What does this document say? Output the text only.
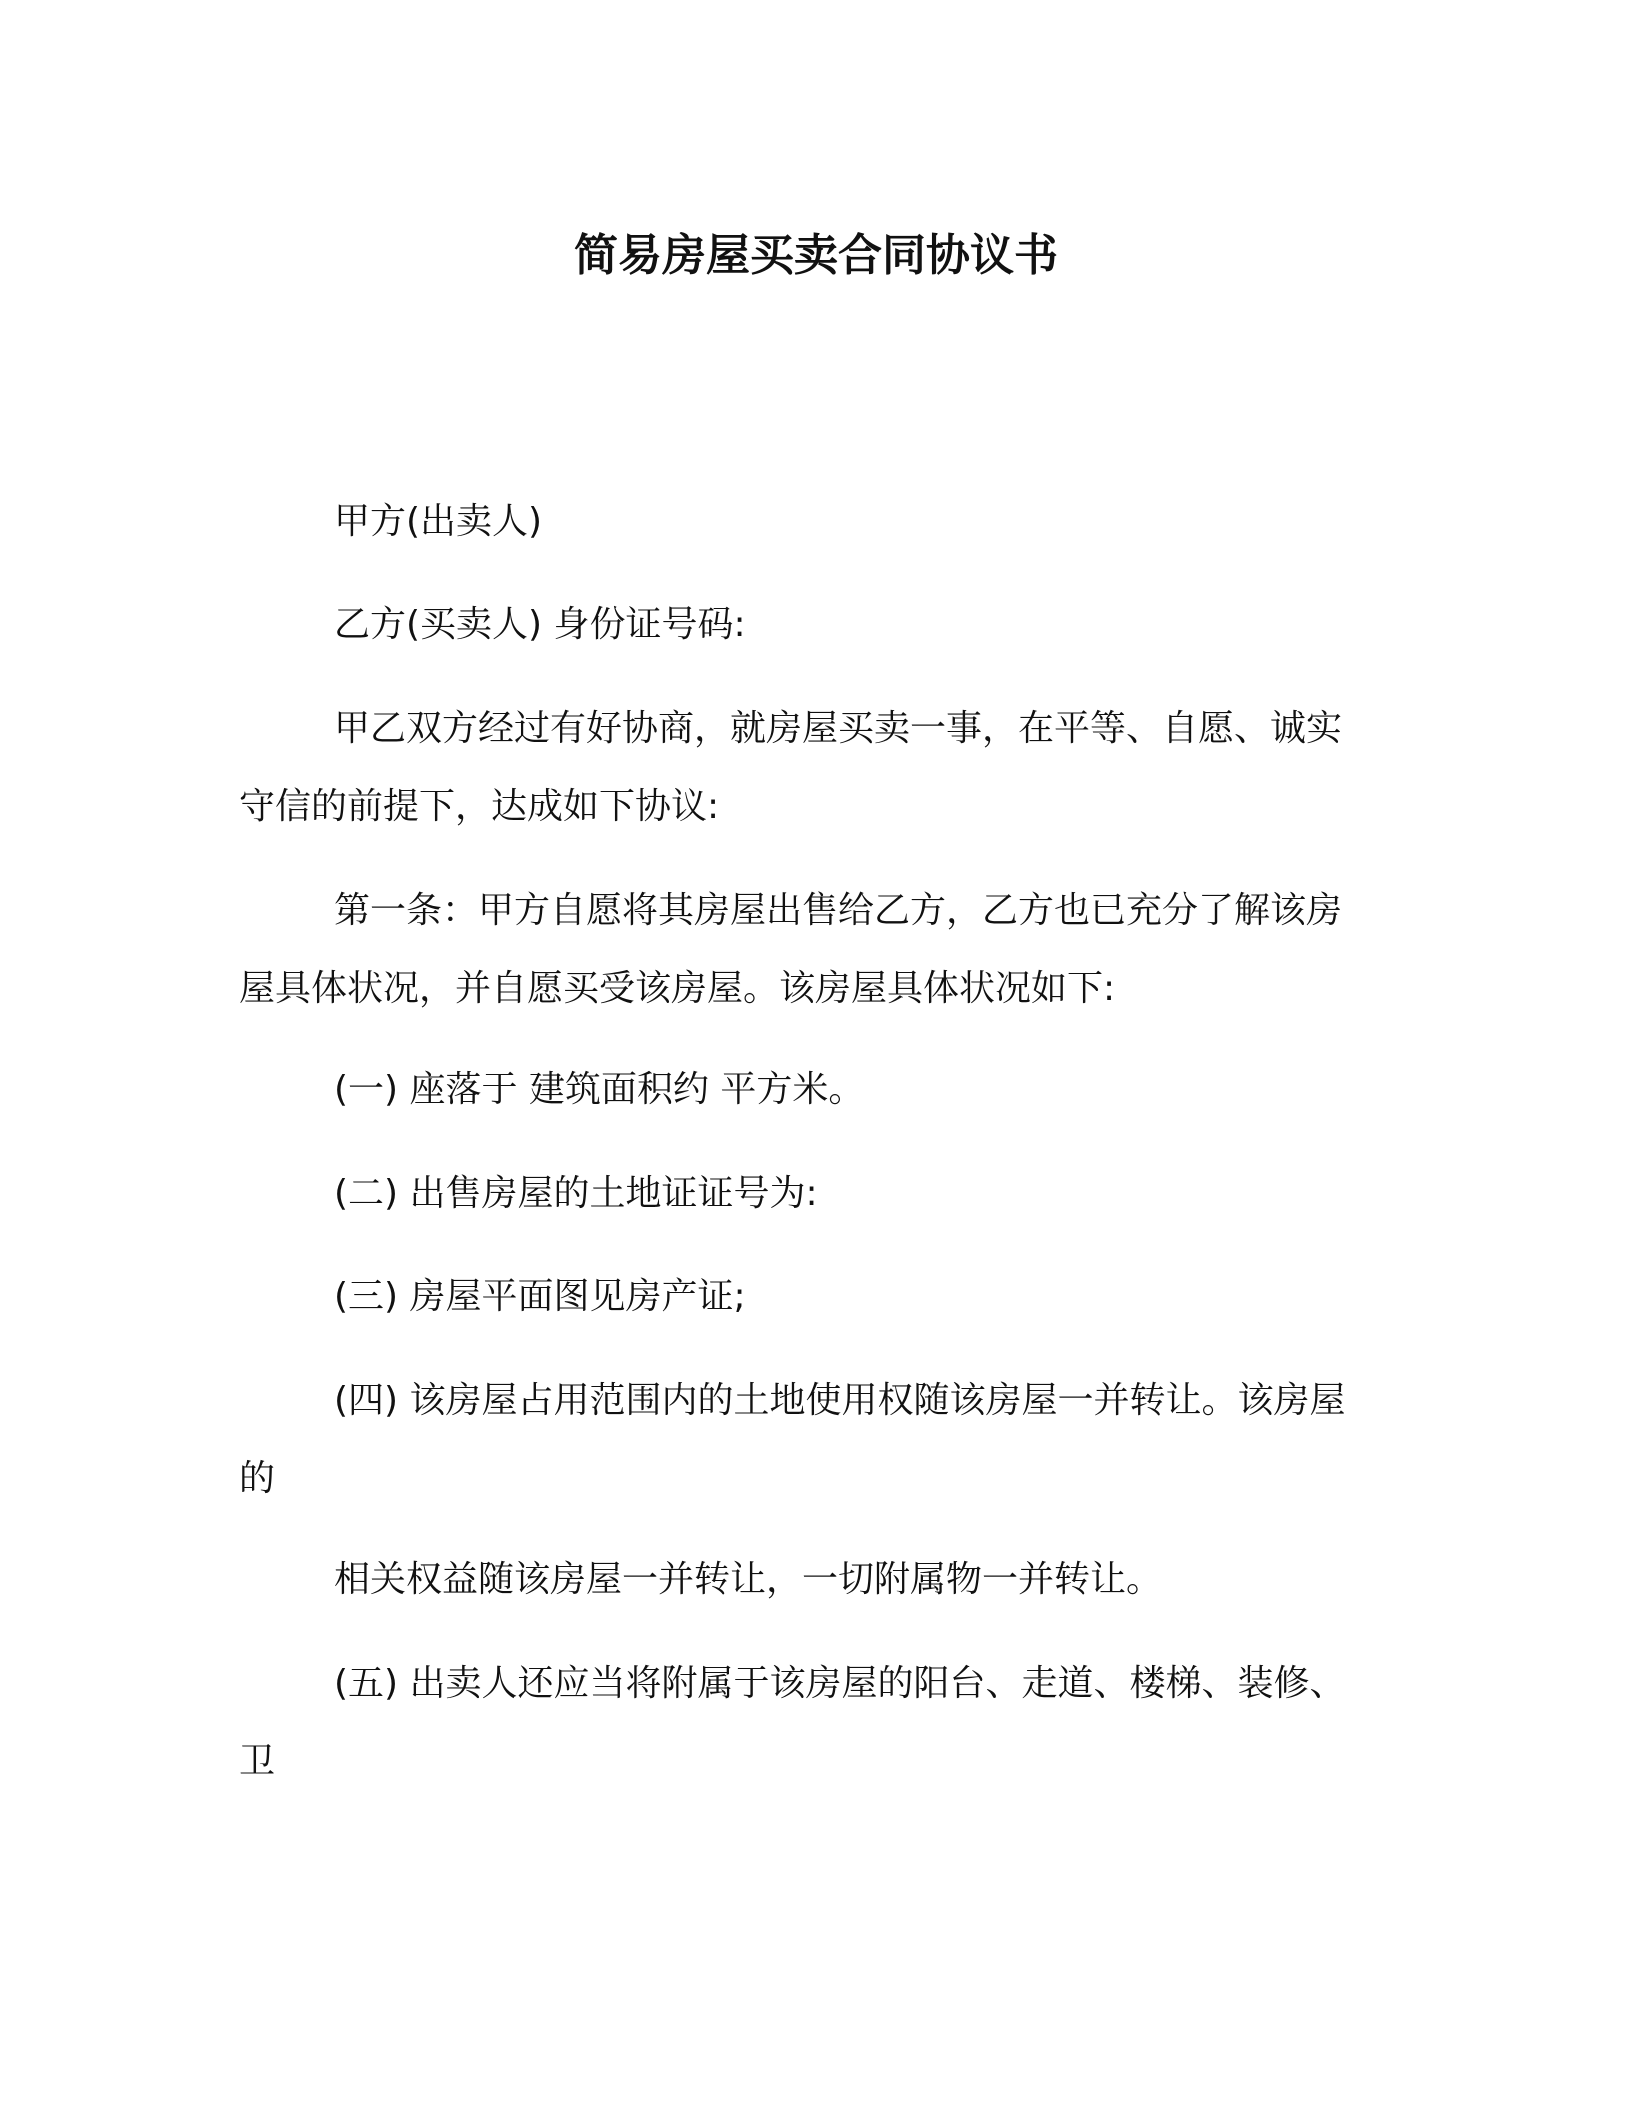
简易房屋买卖合同协议书

甲方(出卖人)

乙方(买卖人) 身份证号码:

甲乙双方经过有好协商，就房屋买卖一事，在平等、自愿、诚实
守信的前提下，达成如下协议:

第一条：甲方自愿将其房屋出售给乙方，乙方也已充分了解该房
屋具体状况，并自愿买受该房屋。该房屋具体状况如下:

(一) 座落于 建筑面积约 平方米。

(二) 出售房屋的土地证证号为:

(三) 房屋平面图见房产证;

(四) 该房屋占用范围内的土地使用权随该房屋一并转让。该房屋
的

相关权益随该房屋一并转让，一切附属物一并转让。

(五) 出卖人还应当将附属于该房屋的阳台、走道、楼梯、装修、
卫
